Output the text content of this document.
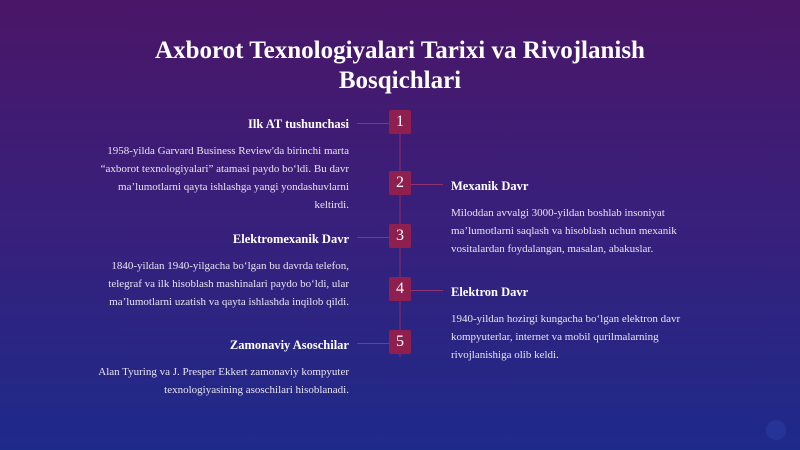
Axborot Texnologiyalari Tarixi va Rivojlanish Bosqichlari
1
2
3
4
5
Ilk AT tushunchasi
1958-yilda Garvard Business Review'da birinchi marta “axborot texnologiyalari” atamasi paydo bo‘ldi. Bu davr ma’lumotlarni qayta ishlashga yangi yondashuvlarni keltirdi.
Mexanik Davr
Miloddan avvalgi 3000-yildan boshlab insoniyat ma’lumotlarni saqlash va hisoblash uchun mexanik vositalardan foydalangan, masalan, abakuslar.
Elektromexanik Davr
1840-yildan 1940-yilgacha bo‘lgan bu davrda telefon, telegraf va ilk hisoblash mashinalari paydo bo‘ldi, ular ma’lumotlarni uzatish va qayta ishlashda inqilob qildi.
Elektron Davr
1940-yildan hozirgi kungacha bo‘lgan elektron davr kompyuterlar, internet va mobil qurilmalarning rivojlanishiga olib keldi.
Zamonaviy Asoschilar
Alan Tyuring va J. Presper Ekkert zamonaviy kompyuter texnologiyasining asoschilari hisoblanadi.
